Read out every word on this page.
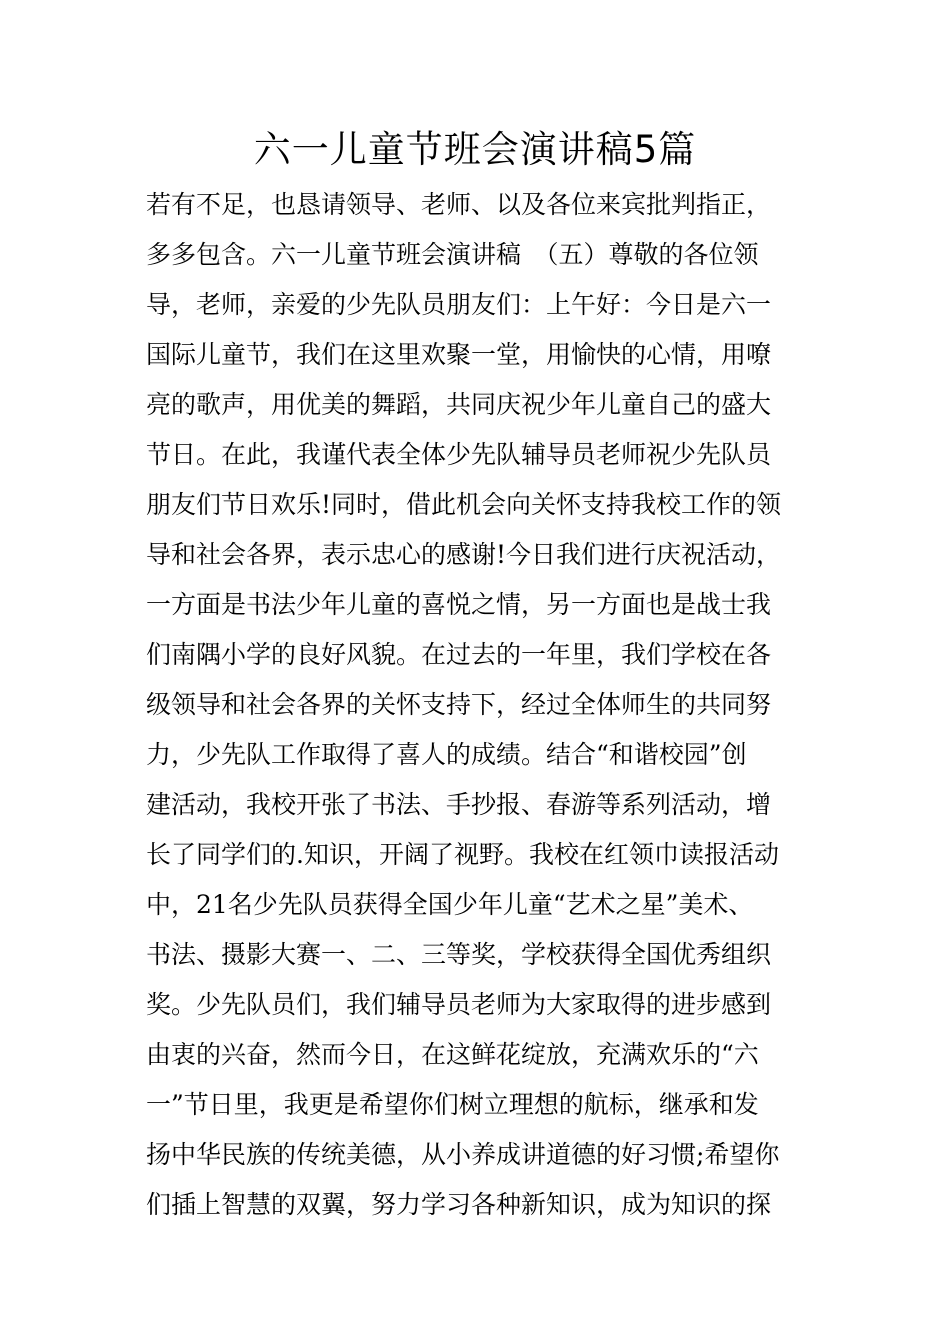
六一儿童节班会演讲稿5篇
若有不足，也恳请领导、老师、以及各位来宾批判指正，
多多包含。六一儿童节班会演讲稿　（五）尊敬的各位领
导，老师，亲爱的少先队员朋友们：上午好：今日是六一
国际儿童节，我们在这里欢聚一堂，用愉快的心情，用嘹
亮的歌声，用优美的舞蹈，共同庆祝少年儿童自己的盛大
节日。在此，我谨代表全体少先队辅导员老师祝少先队员
朋友们节日欢乐!同时，借此机会向关怀支持我校工作的领
导和社会各界，表示忠心的感谢!今日我们进行庆祝活动，
一方面是书法少年儿童的喜悦之情，另一方面也是战士我
们南隅小学的良好风貌。在过去的一年里，我们学校在各
级领导和社会各界的关怀支持下，经过全体师生的共同努
力，少先队工作取得了喜人的成绩。结合“和谐校园”创
建活动，我校开张了书法、手抄报、春游等系列活动，增
长了同学们的.知识，开阔了视野。我校在红领巾读报活动
中，21名少先队员获得全国少年儿童“艺术之星”美术、
书法、摄影大赛一、二、三等奖，学校获得全国优秀组织
奖。少先队员们，我们辅导员老师为大家取得的进步感到
由衷的兴奋，然而今日，在这鲜花绽放，充满欢乐的“六
一”节日里，我更是希望你们树立理想的航标，继承和发
扬中华民族的传统美德，从小养成讲道德的好习惯;希望你
们插上智慧的双翼，努力学习各种新知识，成为知识的探
